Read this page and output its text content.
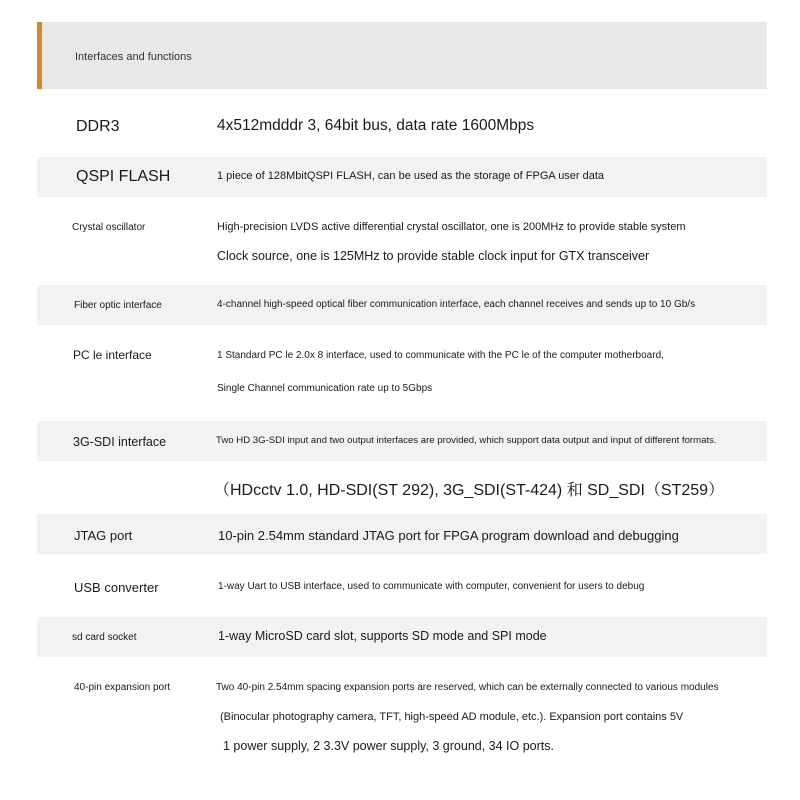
Interfaces and functions
DDR3	4x512mdddr 3, 64bit bus, data rate 1600Mbps
QSPI FLASH	1 piece of 128MbitQSPI FLASH, can be used as the storage of FPGA user data
Crystal oscillator	High-precision LVDS active differential crystal oscillator, one is 200MHz to provide stable system
Clock source, one is 125MHz to provide stable clock input for GTX transceiver
Fiber optic interface	4-channel high-speed optical fiber communication interface, each channel receives and sends up to 10 Gb/s
PC le interface	1 Standard PC le 2.0x 8 interface, used to communicate with the PC le of the computer motherboard,
Single Channel communication rate up to 5Gbps
3G-SDI interface	Two HD 3G-SDI input and two output interfaces are provided, which support data output and input of different formats.
（HDcctv 1.0, HD-SDI(ST 292), 3G_SDI(ST-424) 和 SD_SDI（ST259）
JTAG port	10-pin 2.54mm standard JTAG port for FPGA program download and debugging
USB converter	1-way Uart to USB interface, used to communicate with computer, convenient for users to debug
sd card socket	1-way MicroSD card slot, supports SD mode and SPI mode
40-pin expansion port	Two 40-pin 2.54mm spacing expansion ports are reserved, which can be externally connected to various modules
(Binocular photography camera, TFT, high-speed AD module, etc.). Expansion port contains 5V
1 power supply, 2 3.3V power supply, 3 ground, 34 IO ports.
